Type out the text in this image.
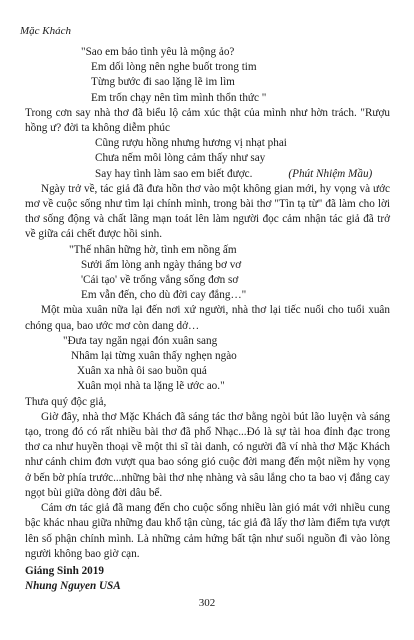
Mặc Khách
"Sao em bảo tình yêu là mộng ảo?
Em dối lòng nên nghe buốt trong tim
Từng bước đi sao lặng lẽ im lìm
Em trốn chạy nên tìm mình thổn thức "

Trong cơn say nhà thơ đã biểu lộ cảm xúc thật của mình như hờn trách. "Rượu hồng ư? đời ta không diễm phúc

Cũng rượu hồng nhưng hương vị nhạt phai
Chưa nếm môi lòng cảm thấy như say
Say hay tình làm sao em biết được.	(Phút Nhiệm Mầu)

Ngày trở về, tác giả đã đưa hồn thơ vào một không gian mới, hy vọng và ước mơ về cuộc sống như tìm lại chính mình, trong bài thơ "Tìn tạ từ" đã làm cho lời thơ sống động và chất lãng mạn toát lên làm người đọc cảm nhận tác giả đã trở về giữa cái chết được hồi sinh.

"Thế nhân hững hờ, tình em nồng ấm
Sưởi ấm lòng anh ngày tháng bơ vơ
'Cái tạo' về trống vắng sống đơn sơ
Em vẫn đến, cho dù đời cay đắng…"

Một mùa xuân nữa lại đến nơi xứ người, nhà thơ lại tiếc nuối cho tuổi xuân chóng qua, bao ước mơ còn dang dở…

"Đưa tay ngăn ngại đón xuân sang
Nhâm lại từng xuân thấy nghẹn ngào
Xuân xa nhà ôi sao buồn quá
Xuân mọi nhà ta lặng lẽ ước ao."

Thưa quý độc giả,

Giờ đây, nhà thơ Mặc Khách đã sáng tác thơ bằng ngòi bút lão luyện và sáng tạo, trong đó có rất nhiều bài thơ đã phổ Nhạc...Đó là sự tài hoa đỉnh đạc trong thơ ca như huyền thoại về một thi sĩ tài danh, có người đã ví nhà thơ Mặc Khách như cánh chim đơn vượt qua bao sóng gió cuộc đời mang đến một niềm hy vọng ở bến bờ phía trước...những bài thơ nhẹ nhàng và sâu lắng cho ta bao vị đắng cay ngọt bùi giữa dòng đời dâu bể.

Cám ơn tác giả đã mang đến cho cuộc sống nhiều làn gió mát với nhiều cung bậc khác nhau giữa những đau khổ tận cùng, tác giả đã lấy thơ làm điểm tựa vượt lên số phận chính mình. Là những cảm hứng bất tận như suối nguồn đi vào lòng người không bao giờ cạn.

Giáng Sinh 2019
Nhung Nguyen USA
302
